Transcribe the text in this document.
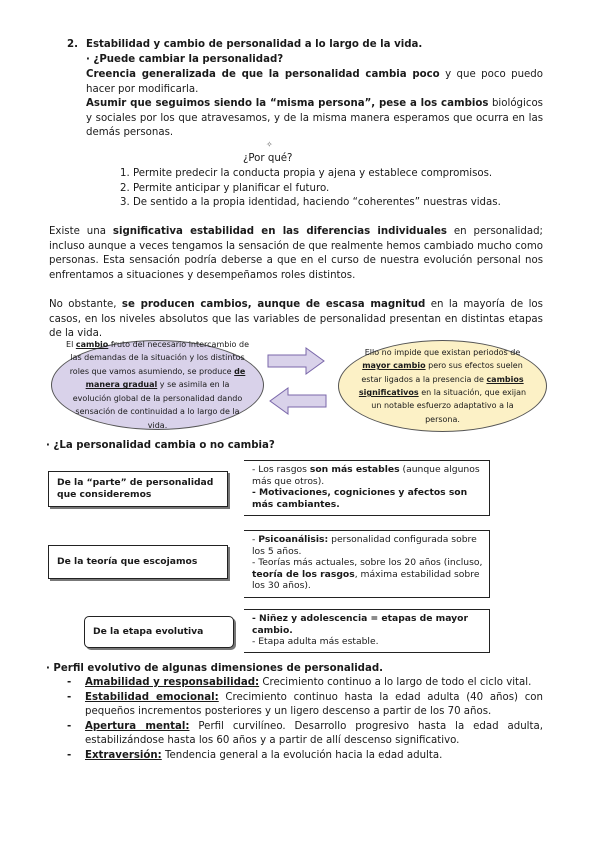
2. Estabilidad y cambio de personalidad a lo largo de la vida.
· ¿Puede cambiar la personalidad?
Creencia generalizada de que la personalidad cambia poco y que poco puedo hacer por modificarla.
Asumir que seguimos siendo la “misma persona”, pese a los cambios biológicos y sociales por los que atravesamos, y de la misma manera esperamos que ocurra en las demás personas.
✧
¿Por qué?
1. Permite predecir la conducta propia y ajena y establece compromisos.
2. Permite anticipar y planificar el futuro.
3. De sentido a la propia identidad, haciendo “coherentes” nuestras vidas.
Existe una significativa estabilidad en las diferencias individuales en personalidad; incluso aunque a veces tengamos la sensación de que realmente hemos cambiado mucho como personas. Esta sensación podría deberse a que en el curso de nuestra evolución personal nos enfrentamos a situaciones y desempeñamos roles distintos.
No obstante, se producen cambios, aunque de escasa magnitud en la mayoría de los casos, en los niveles absolutos que las variables de personalidad presentan en distintas etapas de la vida.
El cambio fruto del necesario intercambio de las demandas de la situación y los distintos roles que vamos asumiendo, se produce de manera gradual y se asimila en la evolución global de la personalidad dando sensación de continuidad a lo largo de la vida.
Ello no impide que existan periodos de mayor cambio pero sus efectos suelen estar ligados a la presencia de cambios significativos en la situación, que exijan un notable esfuerzo adaptativo a la persona.
· ¿La personalidad cambia o no cambia?
De la “parte” de personalidad que consideremos
- Los rasgos son más estables (aunque algunos más que otros).
- Motivaciones, cogniciones y afectos son más cambiantes.
De la teoría que escojamos
- Psicoanálisis: personalidad configurada sobre los 5 años.
- Teorías más actuales, sobre los 20 años (incluso, teoría de los rasgos, máxima estabilidad sobre los 30 años).
De la etapa evolutiva
- Niñez y adolescencia = etapas de mayor cambio.
- Etapa adulta más estable.
· Perfil evolutivo de algunas dimensiones de personalidad.
- Amabilidad y responsabilidad: Crecimiento continuo a lo largo de todo el ciclo vital.
- Estabilidad emocional: Crecimiento continuo hasta la edad adulta (40 años) con pequeños incrementos posteriores y un ligero descenso a partir de los 70 años.
- Apertura mental: Perfil curvilíneo. Desarrollo progresivo hasta la edad adulta, estabilizándose hasta los 60 años y a partir de allí descenso significativo.
- Extraversión: Tendencia general a la evolución hacia la edad adulta.
